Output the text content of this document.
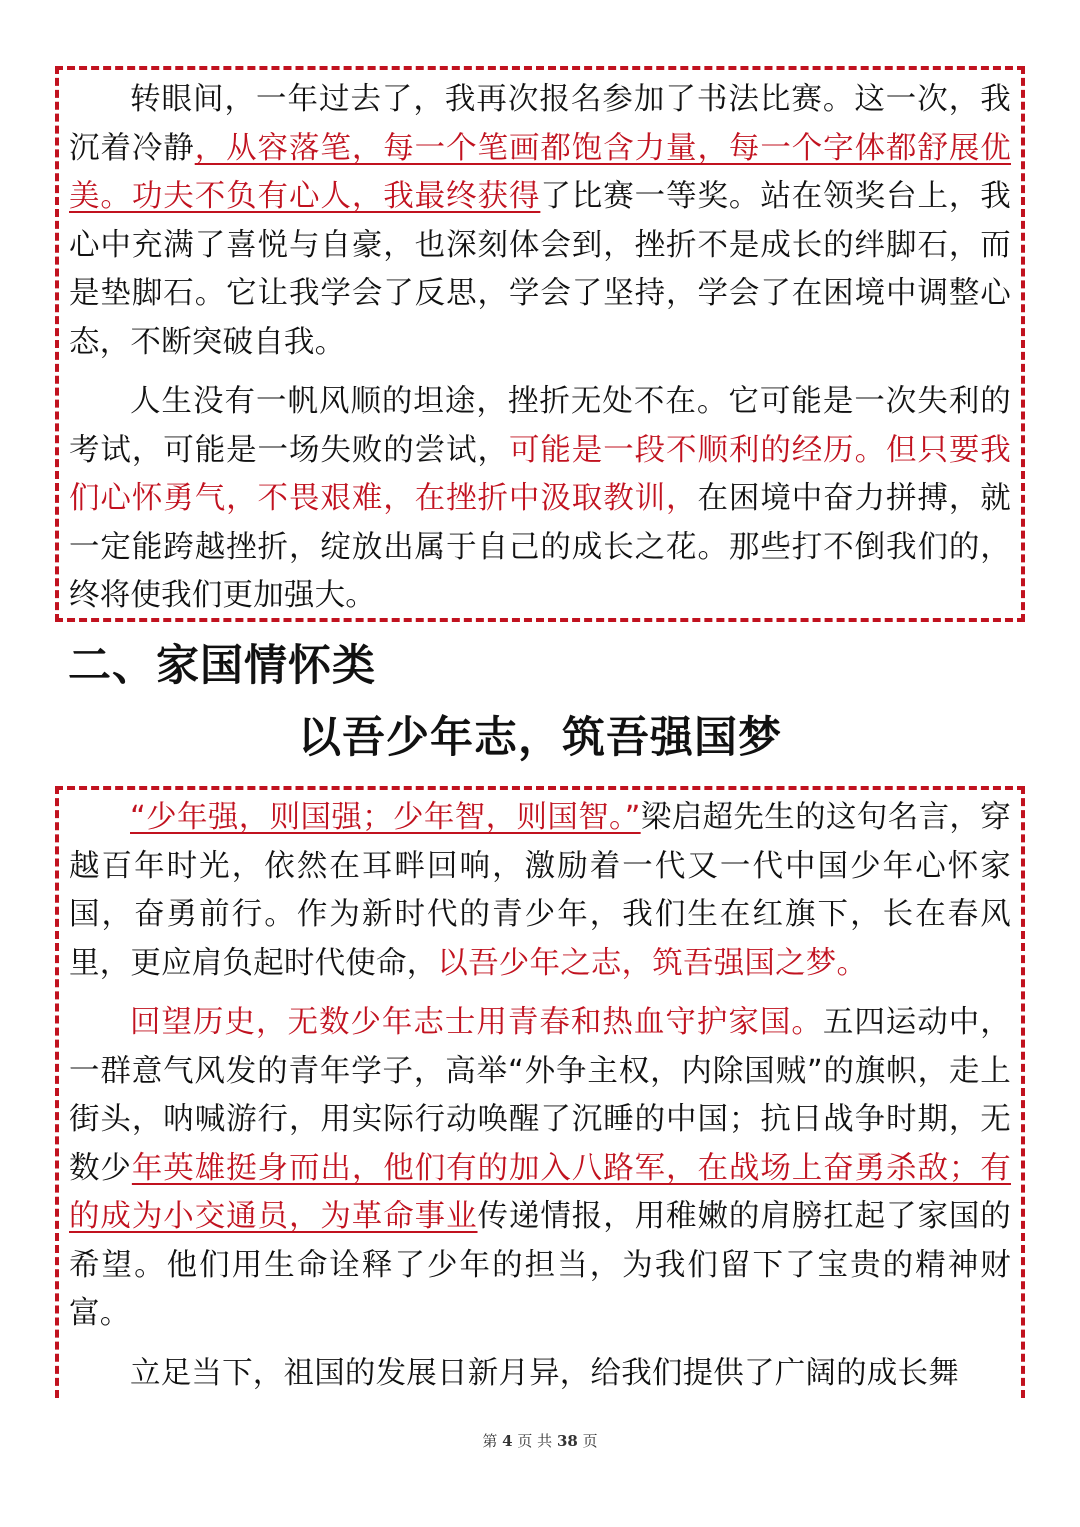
转眼间，一年过去了，我再次报名参加了书法比赛。这一次，我沉着冷静，从容落笔，每一个笔画都饱含力量，每一个字体都舒展优美。功夫不负有心人，我最终获得了比赛一等奖。站在领奖台上，我心中充满了喜悦与自豪，也深刻体会到，挫折不是成长的绊脚石，而是垫脚石。它让我学会了反思，学会了坚持，学会了在困境中调整心态，不断突破自我。

人生没有一帆风顺的坦途，挫折无处不在。它可能是一次失利的考试，可能是一场失败的尝试，可能是一段不顺利的经历。但只要我们心怀勇气，不畏艰难，在挫折中汲取教训，在困境中奋力拼搏，就一定能跨越挫折，绽放出属于自己的成长之花。那些打不倒我们的，终将使我们更加强大。

二、家国情怀类
以吾少年志，筑吾强国梦

“少年强，则国强；少年智，则国智。”梁启超先生的这句名言，穿越百年时光，依然在耳畔回响，激励着一代又一代中国少年心怀家国，奋勇前行。作为新时代的青少年，我们生在红旗下，长在春风里，更应肩负起时代使命，以吾少年之志，筑吾强国之梦。

回望历史，无数少年志士用青春和热血守护家国。五四运动中，一群意气风发的青年学子，高举“外争主权，内除国贼”的旗帜，走上街头，呐喊游行，用实际行动唤醒了沉睡的中国；抗日战争时期，无数少年英雄挺身而出，他们有的加入八路军，在战场上奋勇杀敌；有的成为小交通员，为革命事业传递情报，用稚嫩的肩膀扛起了家国的希望。他们用生命诠释了少年的担当，为我们留下了宝贵的精神财富。

立足当下，祖国的发展日新月异，给我们提供了广阔的成长舞

第 4 页 共 38 页
